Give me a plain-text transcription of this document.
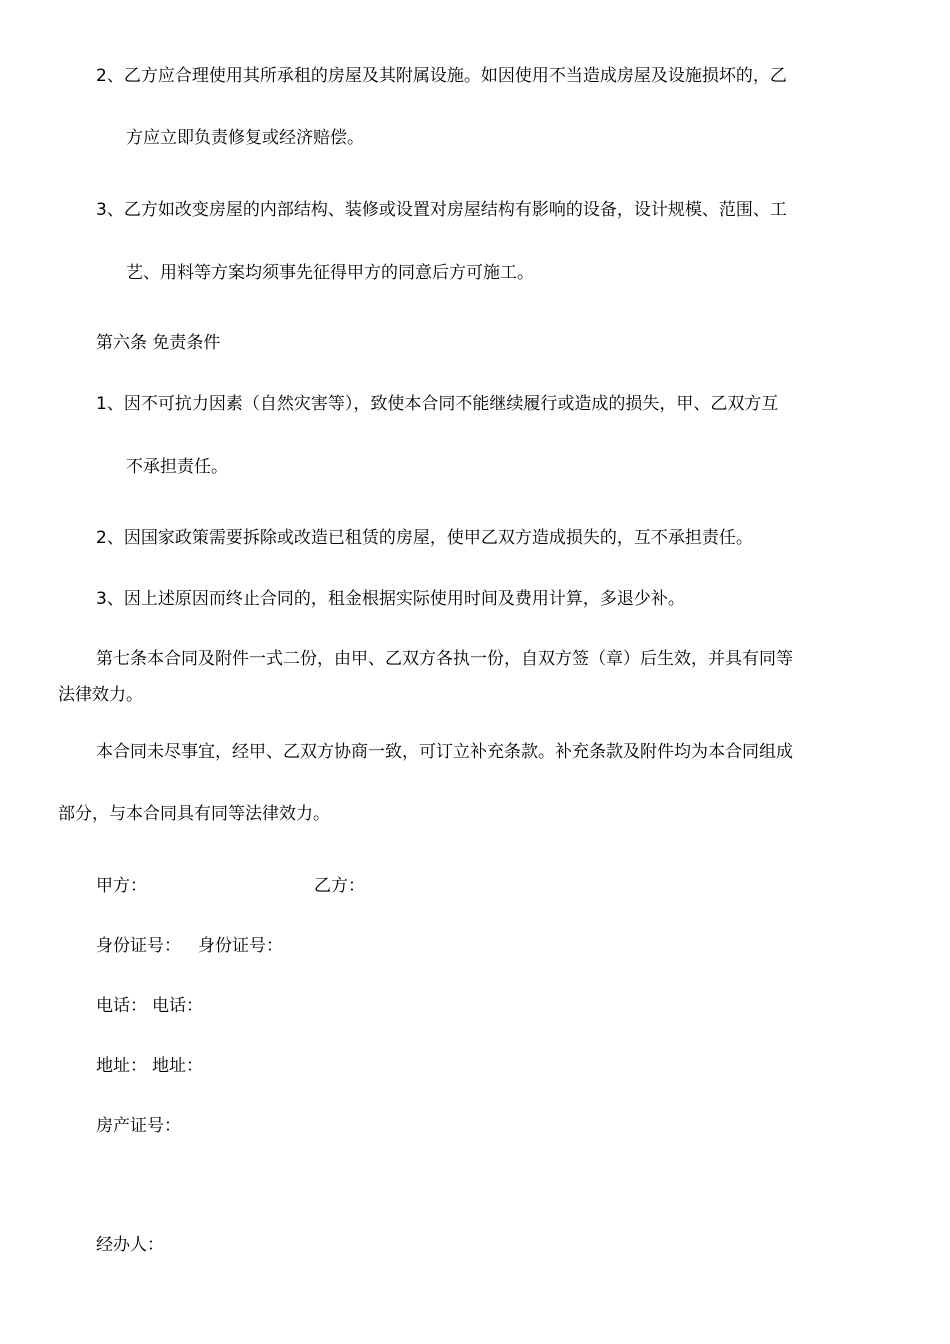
2、乙方应合理使用其所承租的房屋及其附属设施。如因使用不当造成房屋及设施损坏的，乙
方应立即负责修复或经济赔偿。
3、乙方如改变房屋的内部结构、装修或设置对房屋结构有影响的设备，设计规模、范围、工
艺、用料等方案均须事先征得甲方的同意后方可施工。
第六条 免责条件
1、因不可抗力因素（自然灾害等），致使本合同不能继续履行或造成的损失，甲、乙双方互
不承担责任。
2、因国家政策需要拆除或改造已租赁的房屋，使甲乙双方造成损失的，互不承担责任。
3、因上述原因而终止合同的，租金根据实际使用时间及费用计算，多退少补。
第七条本合同及附件一式二份，由甲、乙双方各执一份，自双方签（章）后生效，并具有同等
法律效力。
本合同未尽事宜，经甲、乙双方协商一致，可订立补充条款。补充条款及附件均为本合同组成
部分，与本合同具有同等法律效力。
甲方：	乙方：
身份证号： 身份证号：
电话： 电话：
地址： 地址：
房产证号：
经办人：
